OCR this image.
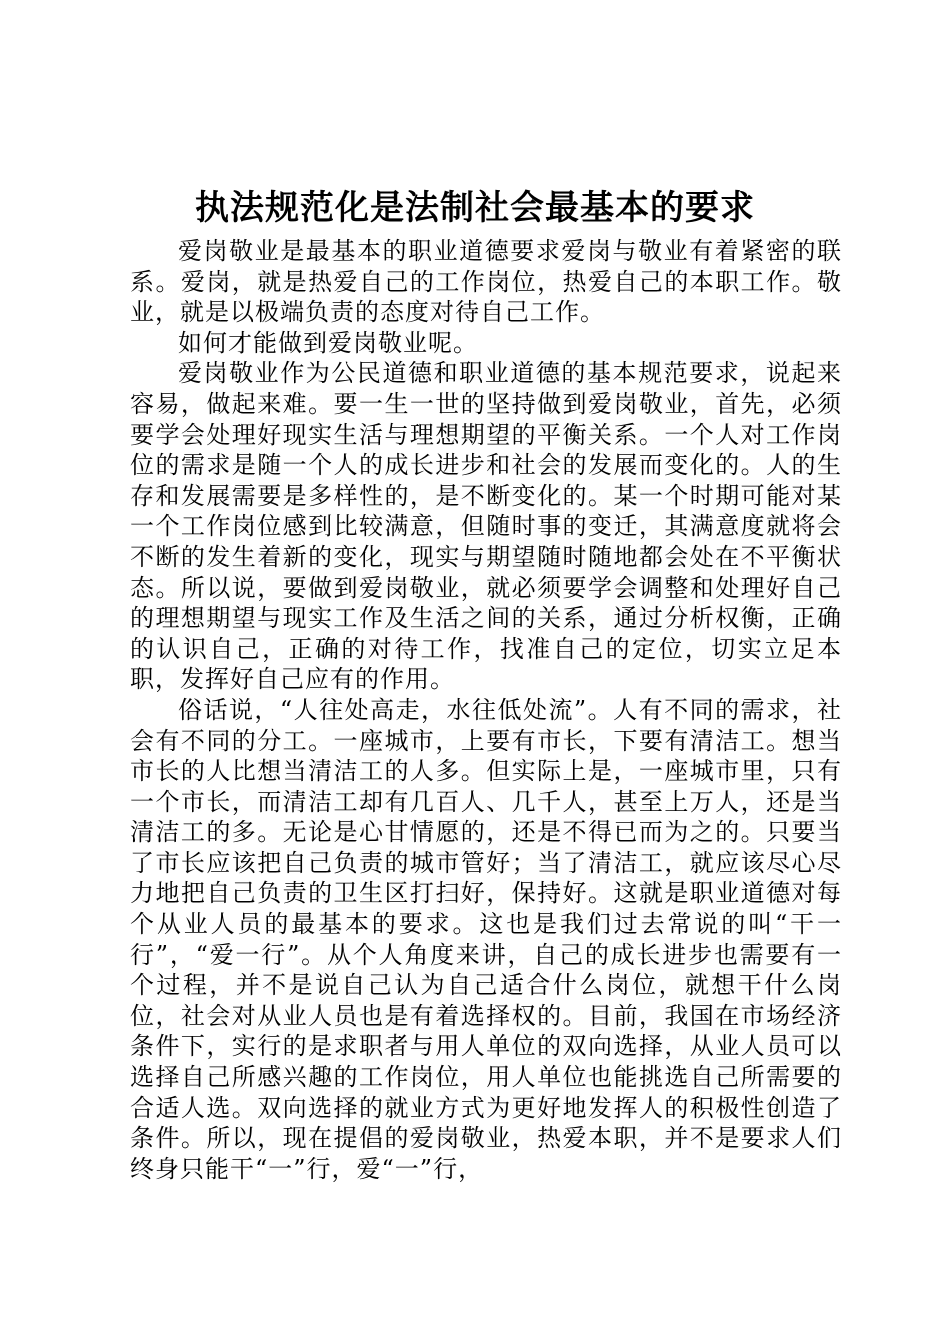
执法规范化是法制社会最基本的要求

爱岗敬业是最基本的职业道德要求爱岗与敬业有着紧密的联系。爱岗，就是热爱自己的工作岗位，热爱自己的本职工作。敬业，就是以极端负责的态度对待自己工作。

如何才能做到爱岗敬业呢。

爱岗敬业作为公民道德和职业道德的基本规范要求，说起来容易，做起来难。要一生一世的坚持做到爱岗敬业，首先，必须要学会处理好现实生活与理想期望的平衡关系。一个人对工作岗位的需求是随一个人的成长进步和社会的发展而变化的。人的生存和发展需要是多样性的，是不断变化的。某一个时期可能对某一个工作岗位感到比较满意，但随时事的变迁，其满意度就将会不断的发生着新的变化，现实与期望随时随地都会处在不平衡状态。所以说，要做到爱岗敬业，就必须要学会调整和处理好自己的理想期望与现实工作及生活之间的关系，通过分析权衡，正确的认识自己，正确的对待工作，找准自己的定位，切实立足本职，发挥好自己应有的作用。

俗话说，“人往处高走，水往低处流”。人有不同的需求，社会有不同的分工。一座城市，上要有市长，下要有清洁工。想当市长的人比想当清洁工的人多。但实际上是，一座城市里，只有一个市长，而清洁工却有几百人、几千人，甚至上万人，还是当清洁工的多。无论是心甘情愿的，还是不得已而为之的。只要当了市长应该把自己负责的城市管好；当了清洁工，就应该尽心尽力地把自己负责的卫生区打扫好，保持好。这就是职业道德对每个从业人员的最基本的要求。这也是我们过去常说的叫“干一行”，“爱一行”。从个人角度来讲，自己的成长进步也需要有一个过程，并不是说自己认为自己适合什么岗位，就想干什么岗位，社会对从业人员也是有着选择权的。目前，我国在市场经济条件下，实行的是求职者与用人单位的双向选择，从业人员可以选择自己所感兴趣的工作岗位，用人单位也能挑选自己所需要的合适人选。双向选择的就业方式为更好地发挥人的积极性创造了条件。所以，现在提倡的爱岗敬业，热爱本职，并不是要求人们终身只能干“一”行，爱“一”行，
